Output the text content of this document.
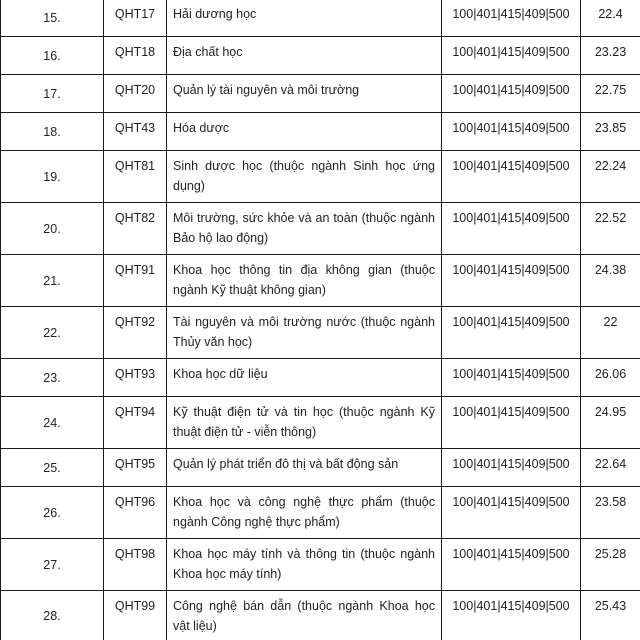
15.	QHT17	Hải dương học	100|401|415|409|500	22.4
16.	QHT18	Địa chất học	100|401|415|409|500	23.23
17.	QHT20	Quản lý tài nguyên và môi trường	100|401|415|409|500	22.75
18.	QHT43	Hóa dược	100|401|415|409|500	23.85
19.	QHT81	Sinh dược học (thuộc ngành Sinh học ứng dụng)	100|401|415|409|500	22.24
20.	QHT82	Môi trường, sức khỏe và an toàn (thuộc ngành Bảo hộ lao động)	100|401|415|409|500	22.52
21.	QHT91	Khoa học thông tin địa không gian (thuộc ngành Kỹ thuật không gian)	100|401|415|409|500	24.38
22.	QHT92	Tài nguyên và môi trường nước (thuộc ngành Thủy văn học)	100|401|415|409|500	22
23.	QHT93	Khoa học dữ liệu	100|401|415|409|500	26.06
24.	QHT94	Kỹ thuật điện tử và tin học (thuộc ngành Kỹ thuật điện tử - viễn thông)	100|401|415|409|500	24.95
25.	QHT95	Quản lý phát triển đô thị và bất động sản	100|401|415|409|500	22.64
26.	QHT96	Khoa học và công nghệ thực phẩm (thuộc ngành Công nghệ thực phẩm)	100|401|415|409|500	23.58
27.	QHT98	Khoa học máy tính và thông tin (thuộc ngành Khoa học máy tính)	100|401|415|409|500	25.28
28.	QHT99	Công nghệ bán dẫn (thuộc ngành Khoa học vật liệu)	100|401|415|409|500	25.43
